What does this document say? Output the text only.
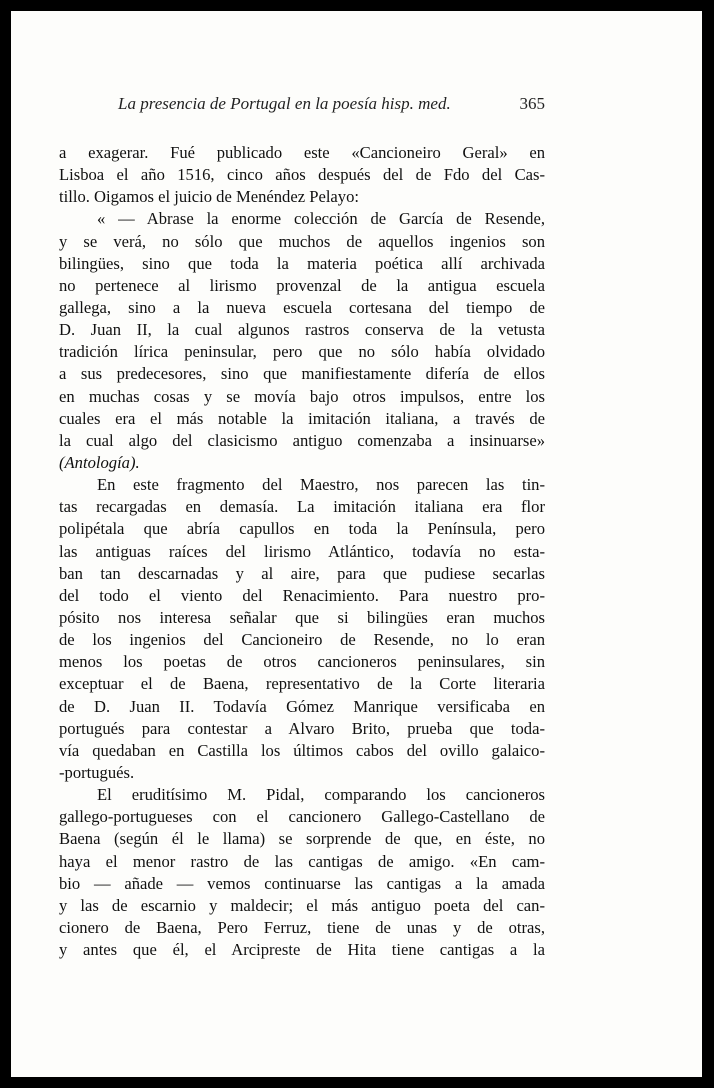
La presencia de Portugal en la poesía hisp. med.	365
a exagerar. Fué publicado este «Cancioneiro Geral» en
Lisboa el año 1516, cinco años después del de Fdo del Cas-
tillo. Oigamos el juicio de Menéndez Pelayo:
« — Abrase la enorme colección de García de Resende,
y se verá, no sólo que muchos de aquellos ingenios son
bilingües, sino que toda la materia poética allí archivada
no pertenece al lirismo provenzal de la antigua escuela
gallega, sino a la nueva escuela cortesana del tiempo de
D. Juan II, la cual algunos rastros conserva de la vetusta
tradición lírica peninsular, pero que no sólo había olvidado
a sus predecesores, sino que manifiestamente difería de ellos
en muchas cosas y se movía bajo otros impulsos, entre los
cuales era el más notable la imitación italiana, a través de
la cual algo del clasicismo antiguo comenzaba a insinuarse»
(Antología).
En este fragmento del Maestro, nos parecen las tin-
tas recargadas en demasía. La imitación italiana era flor
polipétala que abría capullos en toda la Península, pero
las antiguas raíces del lirismo Atlántico, todavía no esta-
ban tan descarnadas y al aire, para que pudiese secarlas
del todo el viento del Renacimiento. Para nuestro pro-
pósito nos interesa señalar que si bilingües eran muchos
de los ingenios del Cancioneiro de Resende, no lo eran
menos los poetas de otros cancioneros peninsulares, sin
exceptuar el de Baena, representativo de la Corte literaria
de D. Juan II. Todavía Gómez Manrique versificaba en
portugués para contestar a Alvaro Brito, prueba que toda-
vía quedaban en Castilla los últimos cabos del ovillo galaico-
-portugués.
El eruditísimo M. Pidal, comparando los cancioneros
gallego-portugueses con el cancionero Gallego-Castellano de
Baena (según él le llama) se sorprende de que, en éste, no
haya el menor rastro de las cantigas de amigo. «En cam-
bio — añade — vemos continuarse las cantigas a la amada
y las de escarnio y maldecir; el más antiguo poeta del can-
cionero de Baena, Pero Ferruz, tiene de unas y de otras,
y antes que él, el Arcipreste de Hita tiene cantigas a la
